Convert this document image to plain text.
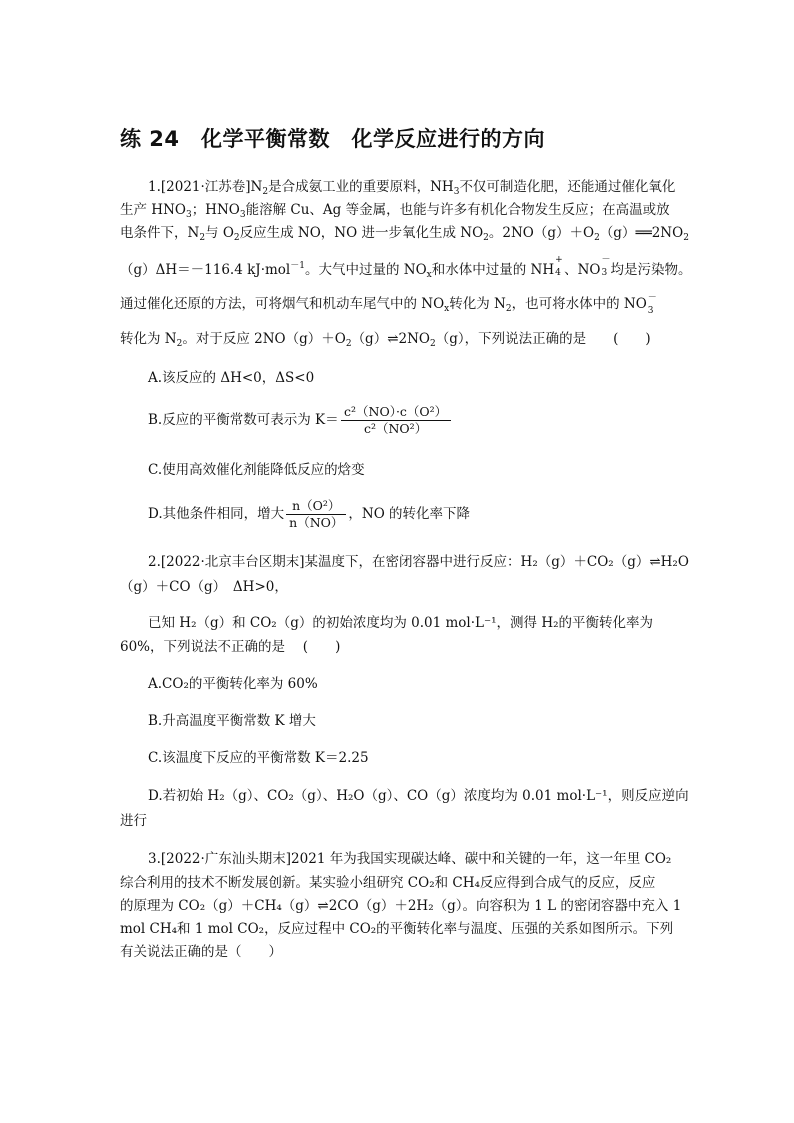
练 24　化学平衡常数　化学反应进行的方向
1.[2021·江苏卷]$N_2$是合成氨工业的重要原料，$NH_3$不仅可制造化肥，还能通过催化氧化
生产 $HNO_3$；$HNO_3$能溶解 Cu、Ag 等金属，也能与许多有机化合物发生反应；在高温或放
电条件下，$N_2$与 $O_2$反应生成 NO，NO 进一步氧化生成 $NO_2$。$2NO(g)+O_2(g)══2NO_2$
（g）ΔH＝－116.4 kJ·mol$^{-1}$。大气中过量的 $NO_x$和水体中过量的 NH
+
4 、NO
－
3 均是污染物。
通过催化还原的方法，可将烟气和机动车尾气中的 $NO_x$转化为 $N_2$，也可将水体中的 NO －
3
转化为 $N_2$。对于反应 $2NO(g)+O_2(g)\rightleftharpoons 2NO_2(g)$，下列说法正确的是　　(　　)
A.该反应的 ΔH<0，ΔS<0
B.反应的平衡常数可表示为 $K= \frac{\text{c²（NO）·c（O²）}}{\text{c²（NO²）}}$
C.使用高效催化剂能降低反应的焓变
D.其他条件相同，增大 $\frac{\text{n（O²）}}{n(NO)}$ ，NO 的转化率下降
2.[2022·北京丰台区期末]某温度下，在密闭容器中进行反应：H₂（g）＋CO₂（g）⇌H₂O
（g）＋CO（g）　ΔH>0，
已知 H₂（g）和 CO₂（g）的初始浓度均为 0.01 mol·L⁻¹，测得 H₂的平衡转化率为
60%，下列说法不正确的是　 (　　)
A.CO₂的平衡转化率为 60%
B.升高温度平衡常数 K 增大
C.该温度下反应的平衡常数 K＝2.25
D.若初始 H₂（g）、CO₂（g）、H₂O（g）、CO（g）浓度均为 0.01 mol·L⁻¹，则反应逆向
进行
3.[2022·广东汕头期末]2021 年为我国实现碳达峰、碳中和关键的一年，这一年里 CO₂
综合利用的技术不断发展创新。某实验小组研究 CO₂和 CH₄反应得到合成气的反应，反应
的原理为 CO₂（g）＋CH₄（g）⇌2CO（g）＋2H₂（g）。向容积为 1 L 的密闭容器中充入 1
mol CH₄和 1 mol CO₂，反应过程中 CO₂的平衡转化率与温度、压强的关系如图所示。下列
有关说法正确的是（　　）
